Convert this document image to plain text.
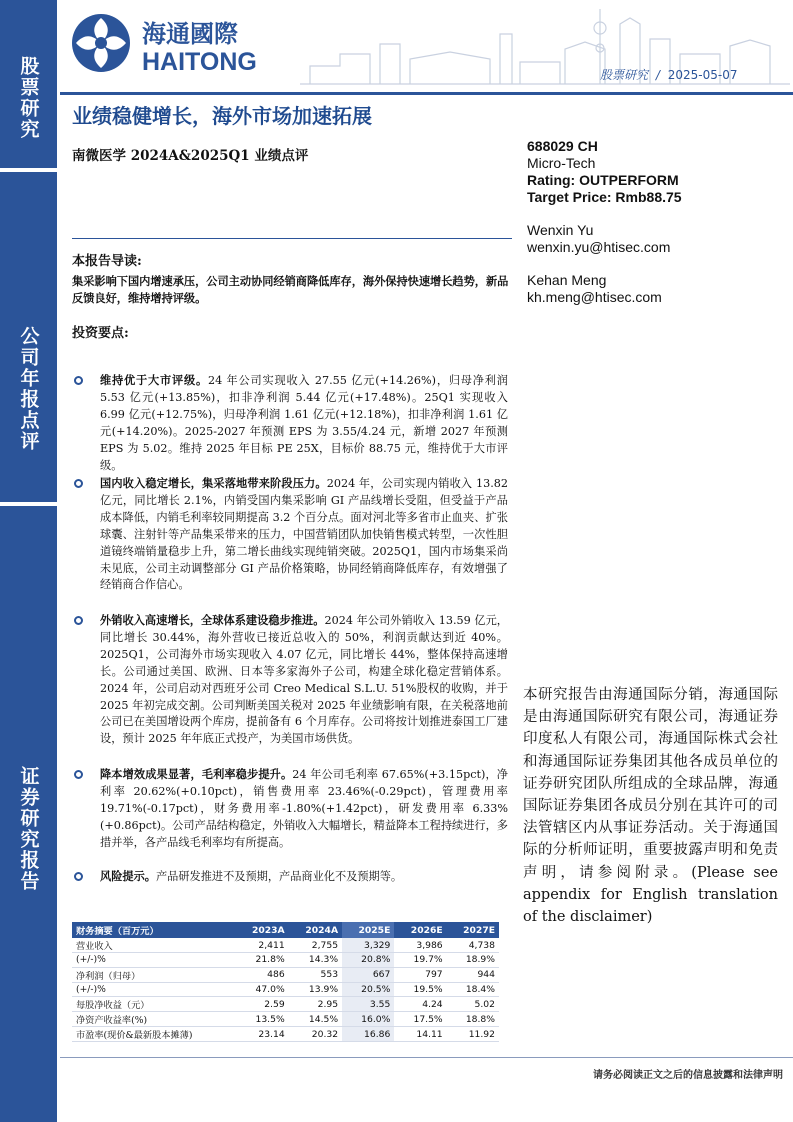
股票研究
公司年报点评
证券研究报告
海通國際
HAITONG	股票研究 / 2025-05-07
业绩稳健增长，海外市场加速拓展
南微医学 2024A&2025Q1 业绩点评
688029 CH
Micro-Tech
Rating: OUTPERFORM
Target Price: Rmb88.75
Wenxin Yu
wenxin.yu@htisec.com
Kehan Meng
kh.meng@htisec.com
本报告导读:
集采影响下国内增速承压，公司主动协同经销商降低库存，海外保持快速增长趋势，新品反馈良好，维持增持评级。
投资要点:
维持优于大市评级。24 年公司实现收入 27.55 亿元(+14.26%)，归母净利润 5.53 亿元(+13.85%)，扣非净利润 5.44 亿元(+17.48%)。25Q1 实现收入 6.99 亿元(+12.75%)，归母净利润 1.61 亿元(+12.18%)，扣非净利润 1.61 亿元(+14.20%)。2025-2027 年预测 EPS 为 3.55/4.24 元，新增 2027 年预测 EPS 为 5.02。维持 2025 年目标 PE 25X，目标价 88.75 元，维持优于大市评级。
国内收入稳定增长，集采落地带来阶段压力。2024 年，公司实现内销收入 13.82 亿元，同比增长 2.1%，内销受国内集采影响 GI 产品线增长受阻，但受益于产品成本降低，内销毛利率较同期提高 3.2 个百分点。面对河北等多省市止血夹、扩张球囊、注射针等产品集采带来的压力，中国营销团队加快销售模式转型，一次性胆道镜终端销量稳步上升，第二增长曲线实现纯销突破。2025Q1，国内市场集采尚未见底，公司主动调整部分 GI 产品价格策略，协同经销商降低库存，有效增强了经销商合作信心。
外销收入高速增长，全球体系建设稳步推进。2024 年公司外销收入 13.59 亿元，同比增长 30.44%，海外营收已接近总收入的 50%，利润贡献达到近 40%。2025Q1，公司海外市场实现收入 4.07 亿元，同比增长 44%，整体保持高速增长。公司通过美国、欧洲、日本等多家海外子公司，构建全球化稳定营销体系。2024 年，公司启动对西班牙公司 Creo Medical S.L.U. 51%股权的收购，并于 2025 年初完成交割。公司判断美国关税对 2025 年业绩影响有限，在关税落地前公司已在美国增设两个库房，提前备有 6 个月库存。公司将按计划推进泰国工厂建设，预计 2025 年年底正式投产，为美国市场供货。
降本增效成果显著，毛利率稳步提升。24 年公司毛利率 67.65%(+3.15pct)，净利率 20.62%(+0.10pct)，销售费用率 23.46%(-0.29pct)，管理费用率 19.71%(-0.17pct)，财务费用率-1.80%(+1.42pct)，研发费用率 6.33%(+0.86pct)。公司产品结构稳定，外销收入大幅增长，精益降本工程持续进行，多措并举，各产品线毛利率均有所提高。
风险提示。产品研发推进不及预期，产品商业化不及预期等。
本研究报告由海通国际分销，海通国际是由海通国际研究有限公司，海通证券印度私人有限公司，海通国际株式会社和海通国际证券集团其他各成员单位的证券研究团队所组成的全球品牌，海通国际证券集团各成员分别在其许可的司法管辖区内从事证券活动。关于海通国际的分析师证明，重要披露声明和免责声明，请参阅附录。(Please see appendix for English translation of the disclaimer)
财务摘要（百万元）	2023A	2024A	2025E	2026E	2027E
营业收入	2,411	2,755	3,329	3,986	4,738
(+/-)%	21.8%	14.3%	20.8%	19.7%	18.9%
净利润（归母）	486	553	667	797	944
(+/-)%	47.0%	13.9%	20.5%	19.5%	18.4%
每股净收益（元）	2.59	2.95	3.55	4.24	5.02
净资产收益率(%)	13.5%	14.5%	16.0%	17.5%	18.8%
市盈率(现价&最新股本摊薄)	23.14	20.32	16.86	14.11	11.92
请务必阅读正文之后的信息披露和法律声明
